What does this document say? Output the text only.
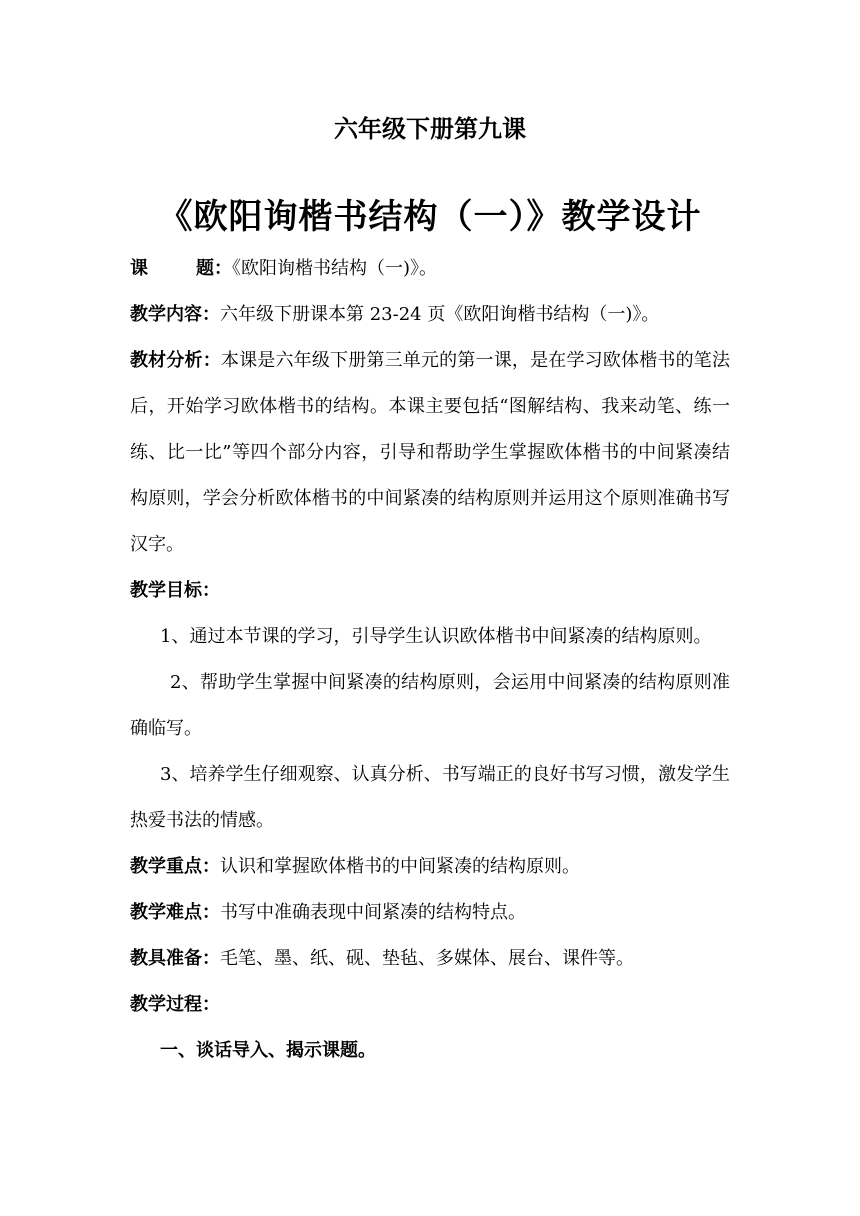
六年级下册第九课
《欧阳询楷书结构（一）》教学设计

课	题：《欧阳询楷书结构（一)》。

教学内容：六年级下册课本第 23-24 页《欧阳询楷书结构（一)》。

教材分析：本课是六年级下册第三单元的第一课，是在学习欧体楷书的笔法后，开始学习欧体楷书的结构。本课主要包括“图解结构、我来动笔、练一练、比一比”等四个部分内容，引导和帮助学生掌握欧体楷书的中间紧凑结构原则，学会分析欧体楷书的中间紧凑的结构原则并运用这个原则准确书写汉字。

教学目标：

1、通过本节课的学习，引导学生认识欧体楷书中间紧凑的结构原则。

2、帮助学生掌握中间紧凑的结构原则，会运用中间紧凑的结构原则准确临写。

3、培养学生仔细观察、认真分析、书写端正的良好书写习惯，激发学生热爱书法的情感。

教学重点：认识和掌握欧体楷书的中间紧凑的结构原则。

教学难点：书写中准确表现中间紧凑的结构特点。

教具准备：毛笔、墨、纸、砚、垫毡、多媒体、展台、课件等。

教学过程：

一、谈话导入、揭示课题。
